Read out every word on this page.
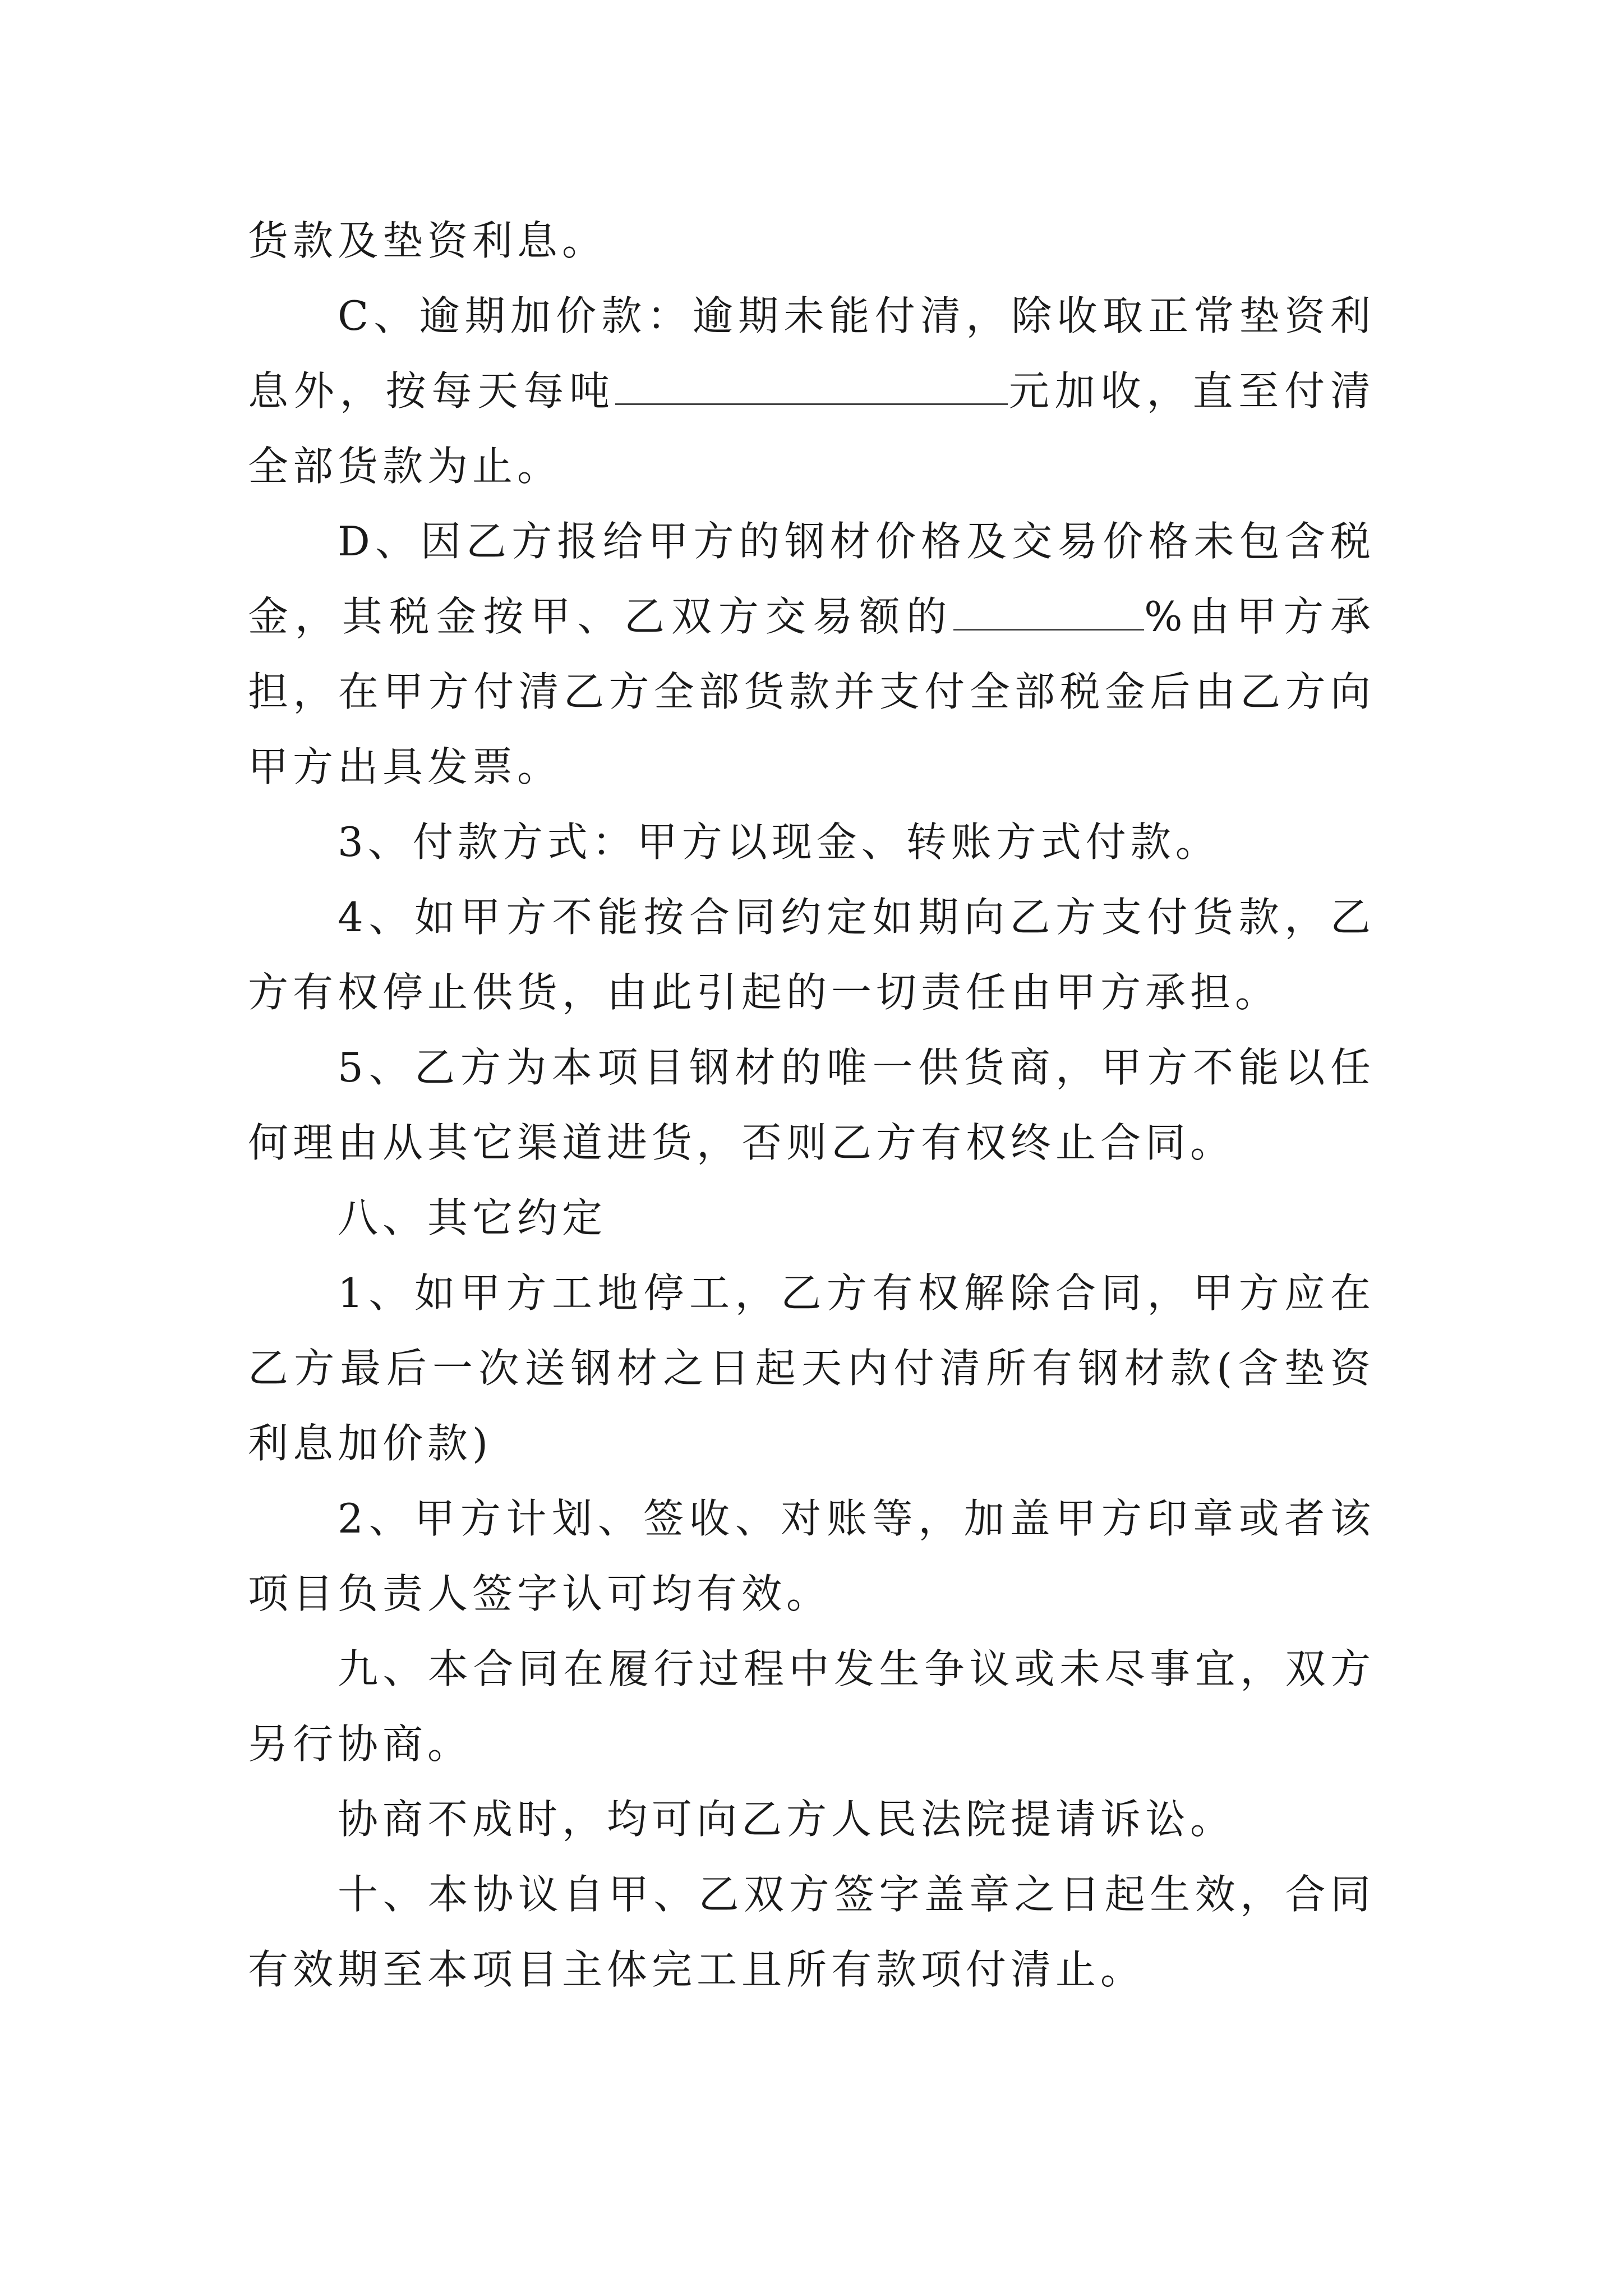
货款及垫资利息。

C、逾期加价款：逾期未能付清，除收取正常垫资利息外，按每天每吨	元加收，直至付清全部货款为止。

D、因乙方报给甲方的钢材价格及交易价格未包含税金，其税金按甲、乙双方交易额的	%由甲方承担，在甲方付清乙方全部货款并支付全部税金后由乙方向甲方出具发票。

3、付款方式：甲方以现金、转账方式付款。

4、如甲方不能按合同约定如期向乙方支付货款，乙方有权停止供货，由此引起的一切责任由甲方承担。

5、乙方为本项目钢材的唯一供货商，甲方不能以任何理由从其它渠道进货，否则乙方有权终止合同。

八、其它约定

1、如甲方工地停工，乙方有权解除合同，甲方应在乙方最后一次送钢材之日起天内付清所有钢材款(含垫资利息加价款)

2、甲方计划、签收、对账等，加盖甲方印章或者该项目负责人签字认可均有效。

九、本合同在履行过程中发生争议或未尽事宜，双方另行协商。

协商不成时，均可向乙方人民法院提请诉讼。

十、本协议自甲、乙双方签字盖章之日起生效，合同有效期至本项目主体完工且所有款项付清止。
